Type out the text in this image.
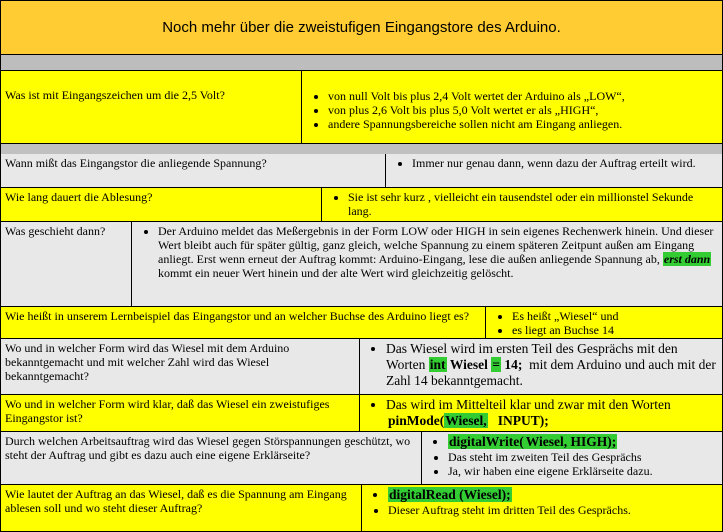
Noch mehr über die zweistufigen Eingangstore des Arduino.
Was ist mit Eingangszeichen um die 2,5 Volt?	• von null Volt bis plus 2,4 Volt wertet der Arduino als „LOW“,
• von plus 2,6 Volt bis plus 5,0 Volt wertet er als „HIGH“,
• andere Spannungsbereiche sollen nicht am Eingang anliegen.
Wann mißt das Eingangstor die anliegende Spannung?	• Immer nur genau dann, wenn dazu der Auftrag erteilt wird.
Wie lang dauert die Ablesung?	• Sie ist sehr kurz , vielleicht ein tausendstel oder ein millionstel Sekunde lang.
Was geschieht dann?	• Der Arduino meldet das Meßergebnis in der Form LOW oder HIGH in sein eigenes Rechenwerk hinein. Und dieser Wert bleibt auch für später gültig, ganz gleich, welche Spannung zu einem späteren Zeitpunt außen am Eingang anliegt. Erst wenn erneut der Auftrag kommt: Arduino-Eingang, lese die außen anliegende Spannung ab, erst dann kommt ein neuer Wert hinein und der alte Wert wird gleichzeitig gelöscht.
Wie heißt in unserem Lernbeispiel das Eingangstor und an welcher Buchse des Arduino liegt es?	• Es heißt „Wiesel“ und
• es liegt an Buchse 14
Wo und in welcher Form wird das Wiesel mit dem Arduino bekanntgemacht und mit welcher Zahl wird das Wiesel bekanntgemacht?
• Das Wiesel wird im ersten Teil des Gesprächs mit den Worten int Wiesel = 14; mit dem Arduino und auch mit der Zahl 14 bekanntgemacht.
Wo und in welcher Form wird klar, daß das Wiesel ein zweistufiges Eingangstor ist?
• Das wird im Mittelteil klar und zwar mit den Worten
pinMode(Wiesel, INPUT);
Durch welchen Arbeitsauftrag wird das Wiesel gegen Störspannungen geschützt, wo steht der Auftrag und gibt es dazu auch eine eigene Erklärseite?
• digitalWrite( Wiesel, HIGH);
• Das steht im zweiten Teil des Gesprächs
• Ja, wir haben eine eigene Erklärseite dazu.
Wie lautet der Auftrag an das Wiesel, daß es die Spannung am Eingang ablesen soll und wo steht dieser Auftrag?
• digitalRead (Wiesel);
• Dieser Auftrag steht im dritten Teil des Gesprächs.
